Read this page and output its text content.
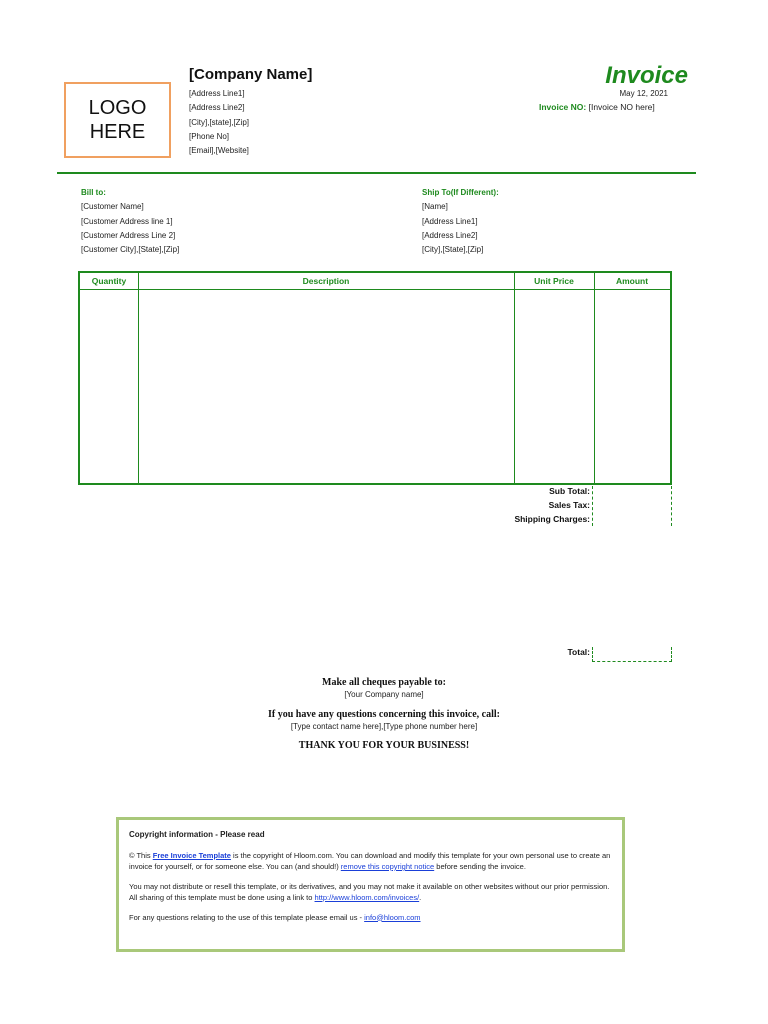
LOGO
HERE
[Company Name]
[Address Line1]
[Address Line2]
[City],[state],[Zip]
[Phone No]
[Email],[Website]
Invoice
May 12, 2021
Invoice NO: [Invoice NO here]
Bill to:
[Customer Name]
[Customer Address line 1]
[Customer Address Line 2]
[Customer City],[State],[Zip]
Ship To(If Different):
[Name]
[Address Line1]
[Address Line2]
[City],[State],[Zip]
Quantity	Description	Unit Price	Amount
Sub Total:
Sales Tax:
Shipping Charges:
Total:
Make all cheques payable to:
[Your Company name]
If you have any questions concerning this invoice, call:
[Type contact name here],[Type phone number here]
THANK YOU FOR YOUR BUSINESS!
Copyright information - Please read

© This Free Invoice Template is the copyright of Hloom.com. You can download and modify this template for your own personal use to create an invoice for yourself, or for someone else. You can (and should!) remove this copyright notice before sending the invoice.

You may not distribute or resell this template, or its derivatives, and you may not make it available on other websites without our prior permission. All sharing of this template must be done using a link to http://www.hloom.com/invoices/.

For any questions relating to the use of this template please email us - info@hloom.com
